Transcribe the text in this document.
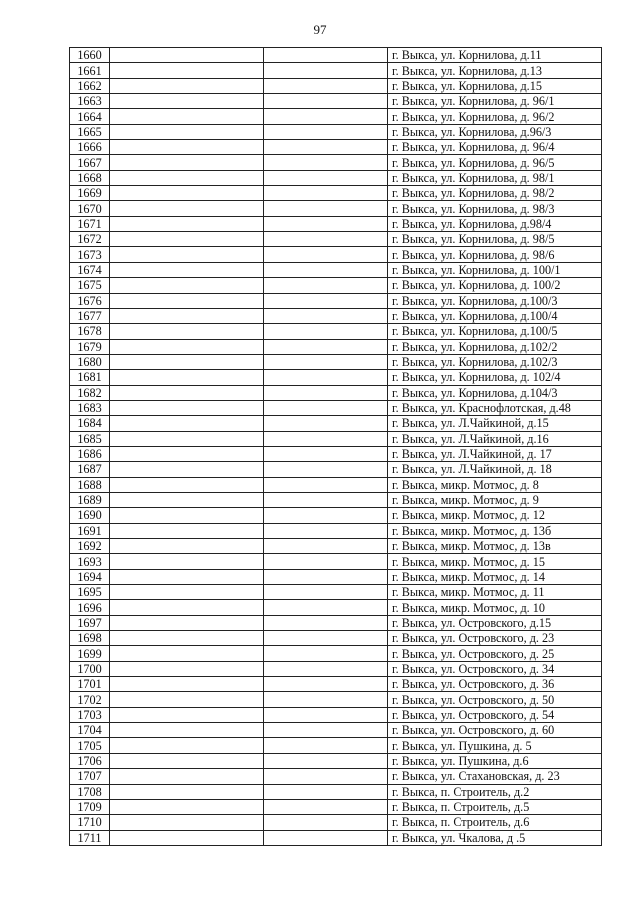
97
1660			г. Выкса, ул. Корнилова, д.11
1661			г. Выкса, ул. Корнилова, д.13
1662			г. Выкса, ул. Корнилова, д.15
1663			г. Выкса, ул. Корнилова, д. 96/1
1664			г. Выкса, ул. Корнилова, д. 96/2
1665			г. Выкса, ул. Корнилова, д.96/3
1666			г. Выкса, ул. Корнилова, д. 96/4
1667			г. Выкса, ул. Корнилова, д. 96/5
1668			г. Выкса, ул. Корнилова, д. 98/1
1669			г. Выкса, ул. Корнилова, д. 98/2
1670			г. Выкса, ул. Корнилова, д. 98/3
1671			г. Выкса, ул. Корнилова, д.98/4
1672			г. Выкса, ул. Корнилова, д. 98/5
1673			г. Выкса, ул. Корнилова, д. 98/6
1674			г. Выкса, ул. Корнилова, д. 100/1
1675			г. Выкса, ул. Корнилова, д. 100/2
1676			г. Выкса, ул. Корнилова, д.100/3
1677			г. Выкса, ул. Корнилова, д.100/4
1678			г. Выкса, ул. Корнилова, д.100/5
1679			г. Выкса, ул. Корнилова, д.102/2
1680			г. Выкса, ул. Корнилова, д.102/3
1681			г. Выкса, ул. Корнилова, д. 102/4
1682			г. Выкса, ул. Корнилова, д.104/3
1683			г. Выкса, ул. Краснофлотская, д.48
1684			г. Выкса, ул. Л.Чайкиной, д.15
1685			г. Выкса, ул. Л.Чайкиной, д.16
1686			г. Выкса, ул. Л.Чайкиной, д. 17
1687			г. Выкса, ул. Л.Чайкиной, д. 18
1688			г. Выкса, микр. Мотмос, д. 8
1689			г. Выкса, микр. Мотмос, д. 9
1690			г. Выкса, микр. Мотмос, д. 12
1691			г. Выкса, микр. Мотмос, д. 13б
1692			г. Выкса, микр. Мотмос, д. 13в
1693			г. Выкса, микр. Мотмос, д. 15
1694			г. Выкса, микр. Мотмос, д. 14
1695			г. Выкса, микр. Мотмос, д. 11
1696			г. Выкса, микр. Мотмос, д. 10
1697			г. Выкса, ул. Островского, д.15
1698			г. Выкса, ул. Островского, д. 23
1699			г. Выкса, ул. Островского, д. 25
1700			г. Выкса, ул. Островского, д. 34
1701			г. Выкса, ул. Островского, д. 36
1702			г. Выкса, ул. Островского, д. 50
1703			г. Выкса, ул. Островского, д. 54
1704			г. Выкса, ул. Островского, д. 60
1705			г. Выкса, ул. Пушкина, д. 5
1706			г. Выкса, ул. Пушкина, д.6
1707			г. Выкса, ул. Стахановская, д. 23
1708			г. Выкса, п. Строитель, д.2
1709			г. Выкса, п. Строитель, д.5
1710			г. Выкса, п. Строитель, д.6
1711			г. Выкса, ул. Чкалова, д .5
